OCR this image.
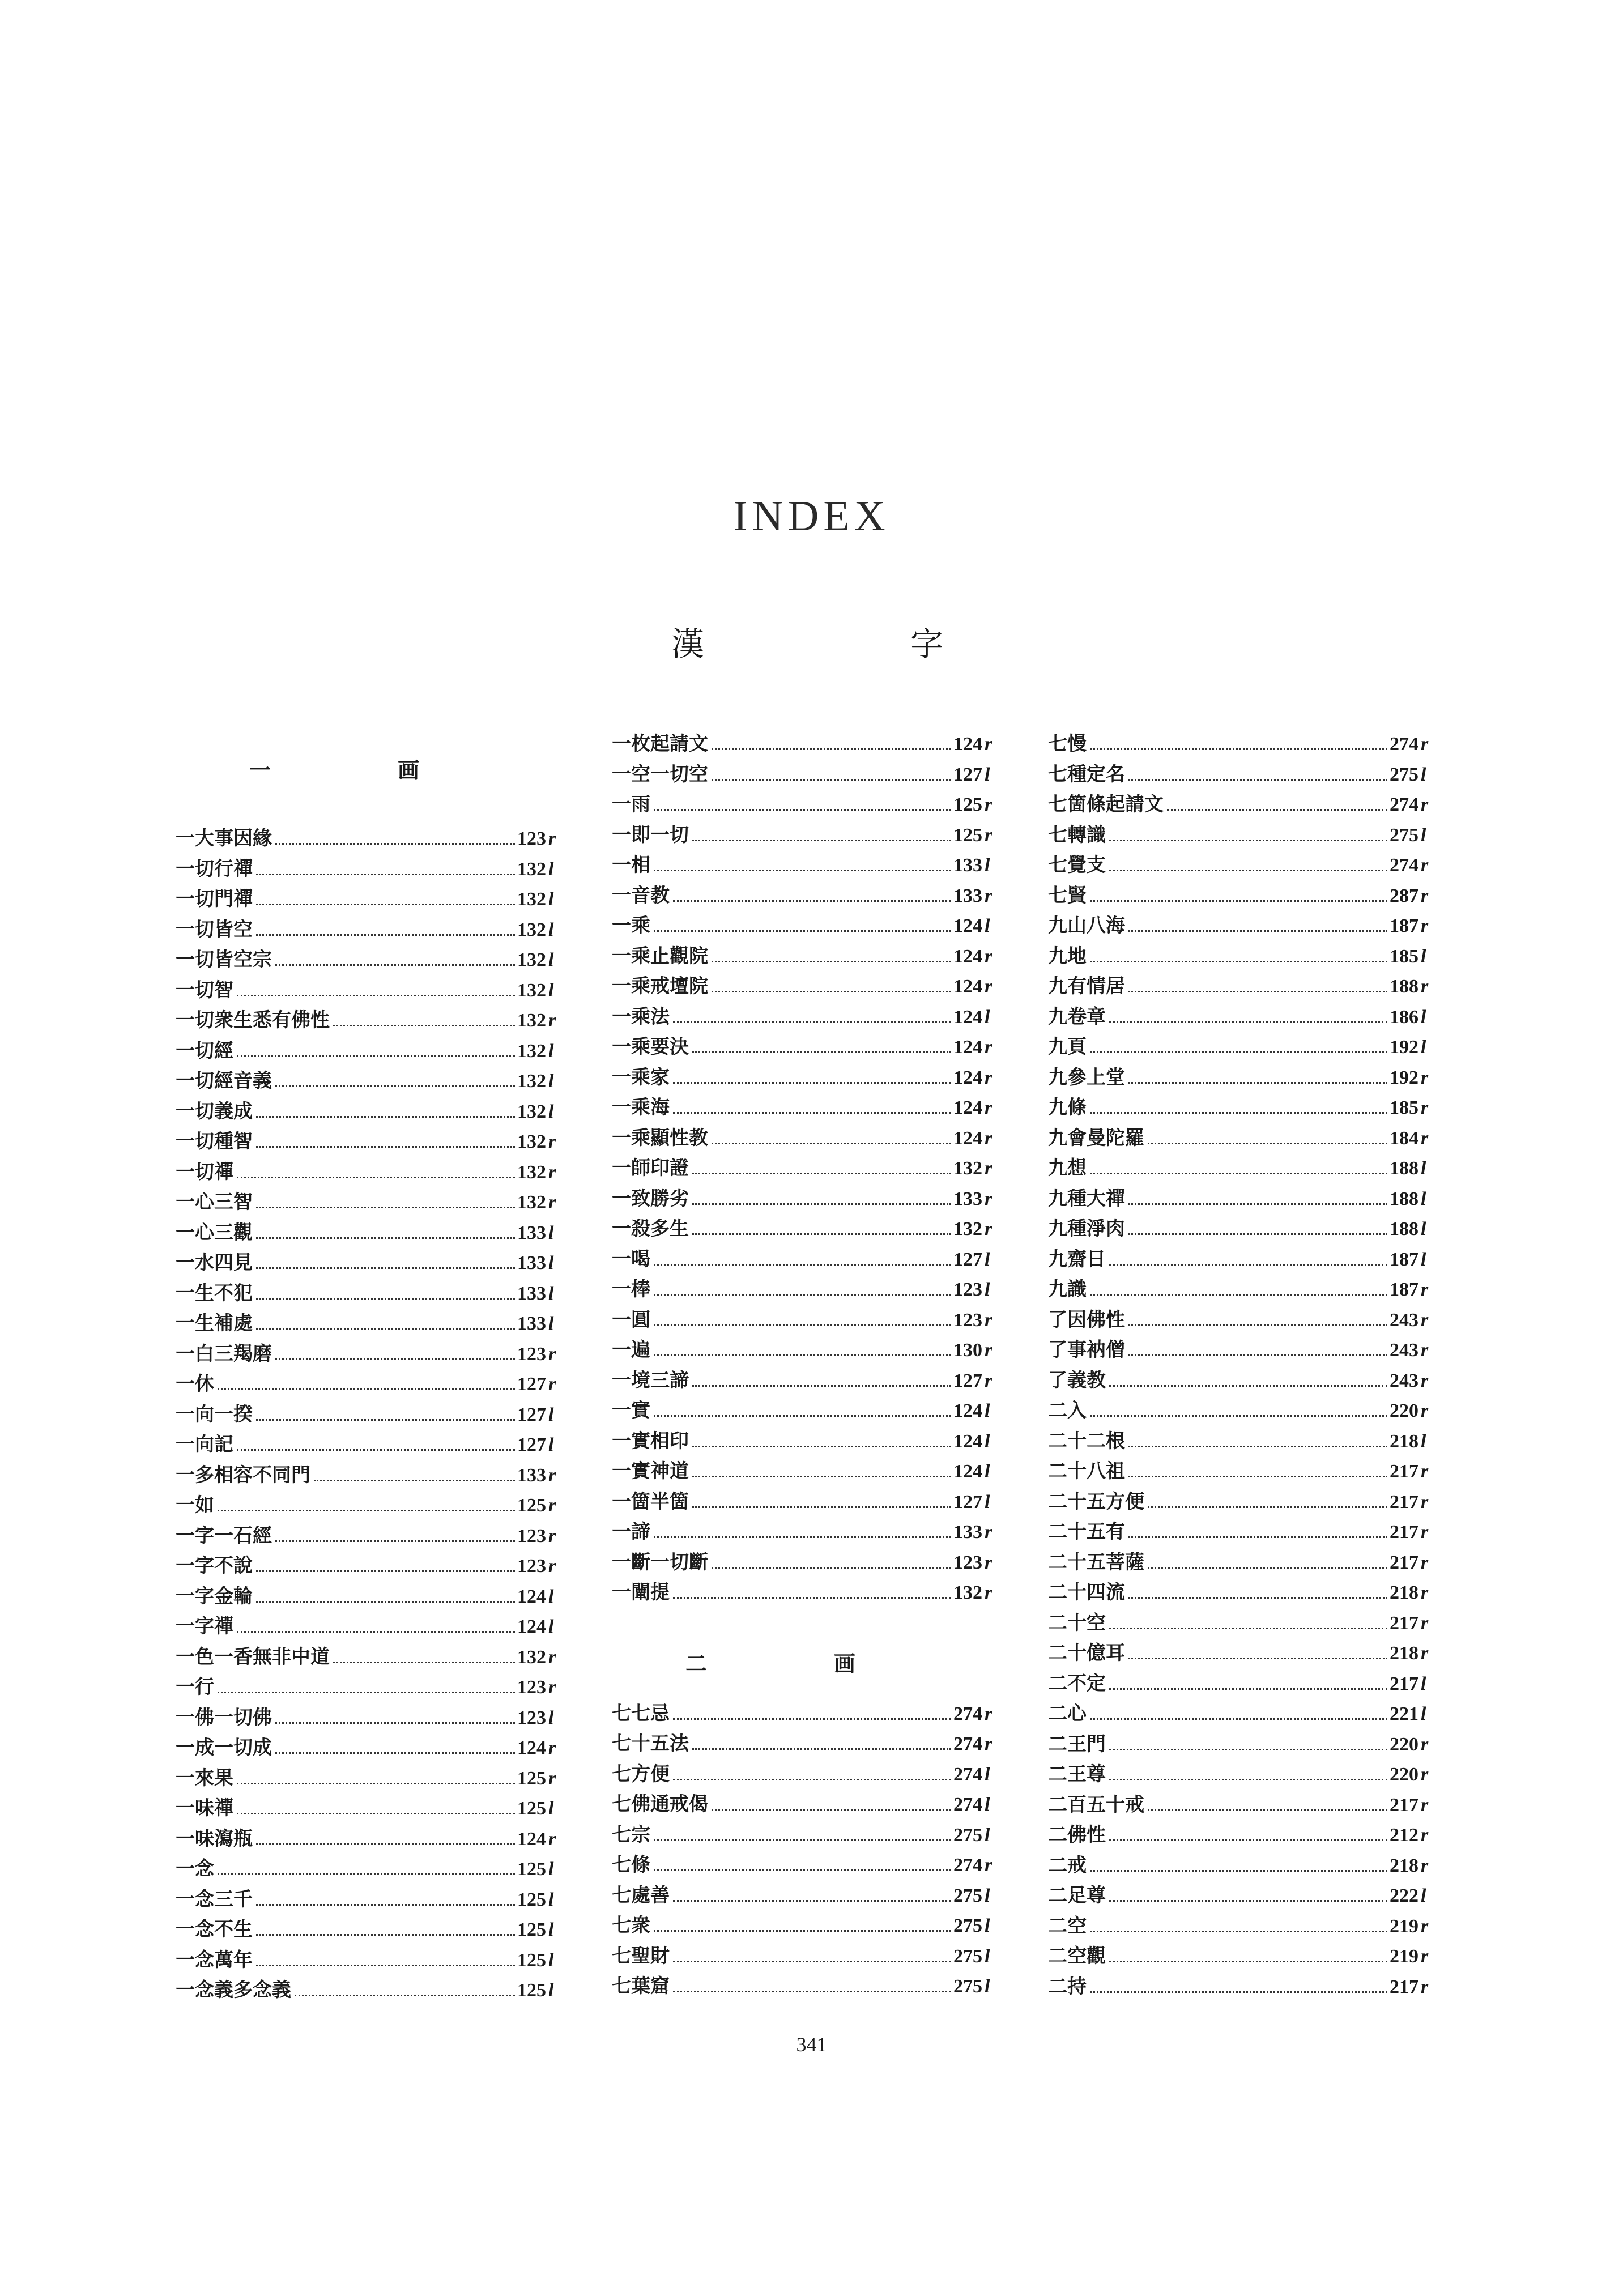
INDEX
漢	字
一	画
一大事因緣	123 r
一切行禪	132 l
一切門禪	132 l
一切皆空	132 l
一切皆空宗	132 l
一切智	132 l
一切衆生悉有佛性	132 r
一切經	132 l
一切經音義	132 l
一切義成	132 l
一切種智	132 r
一切禪	132 r
一心三智	132 r
一心三觀	133 l
一水四見	133 l
一生不犯	133 l
一生補處	133 l
一白三羯磨	123 r
一休	127 r
一向一揆	127 l
一向記	127 l
一多相容不同門	133 r
一如	125 r
一字一石經	123 r
一字不說	123 r
一字金輪	124 l
一字禪	124 l
一色一香無非中道	132 r
一行	123 r
一佛一切佛	123 l
一成一切成	124 r
一來果	125 r
一味禪	125 l
一味瀉瓶	124 r
一念	125 l
一念三千	125 l
一念不生	125 l
一念萬年	125 l
一念義多念義	125 l
一枚起請文	124 r
一空一切空	127 l
一雨	125 r
一即一切	125 r
一相	133 l
一音教	133 r
一乘	124 l
一乘止觀院	124 r
一乘戒壇院	124 r
一乘法	124 l
一乘要決	124 r
一乘家	124 r
一乘海	124 r
一乘顯性教	124 r
一師印證	132 r
一致勝劣	133 r
一殺多生	132 r
一喝	127 l
一棒	123 l
一圓	123 r
一遍	130 r
一境三諦	127 r
一實	124 l
一實相印	124 l
一實神道	124 l
一箇半箇	127 l
一諦	133 r
一斷一切斷	123 r
一闡提	132 r
二	画
七七忌	274 r
七十五法	274 r
七方便	274 l
七佛通戒偈	274 l
七宗	275 l
七條	274 r
七處善	275 l
七衆	275 l
七聖財	275 l
七葉窟	275 l
七慢	274 r
七種定名	275 l
七箇條起請文	274 r
七轉識	275 l
七覺支	274 r
七賢	287 r
九山八海	187 r
九地	185 l
九有情居	188 r
九卷章	186 l
九頁	192 l
九參上堂	192 r
九條	185 r
九會曼陀羅	184 r
九想	188 l
九種大禪	188 l
九種淨肉	188 l
九齋日	187 l
九識	187 r
了因佛性	243 r
了事衲僧	243 r
了義教	243 r
二入	220 r
二十二根	218 l
二十八祖	217 r
二十五方便	217 r
二十五有	217 r
二十五菩薩	217 r
二十四流	218 r
二十空	217 r
二十億耳	218 r
二不定	217 l
二心	221 l
二王門	220 r
二王尊	220 r
二百五十戒	217 r
二佛性	212 r
二戒	218 r
二足尊	222 l
二空	219 r
二空觀	219 r
二持	217 r
341
